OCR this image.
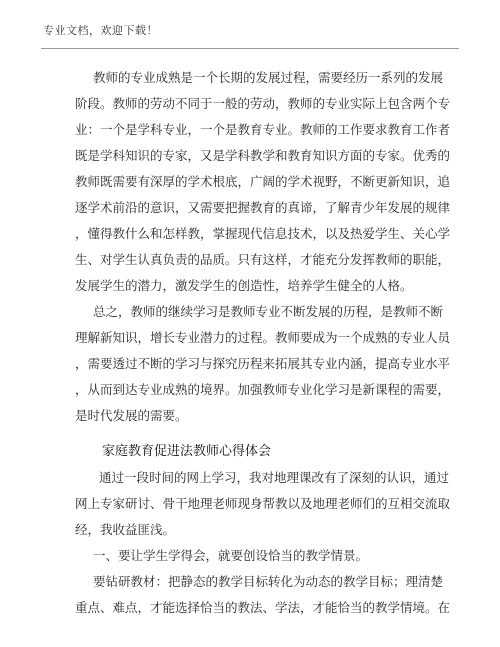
专业文档，欢迎下载！
教师的专业成熟是一个长期的发展过程，需要经历一系列的发展
阶段。教师的劳动不同于一般的劳动，教师的专业实际上包含两个专
业：一个是学科专业，一个是教育专业。教师的工作要求教育工作者
既是学科知识的专家，又是学科教学和教育知识方面的专家。优秀的
教师既需要有深厚的学术根底，广阔的学术视野，不断更新知识，追
逐学术前沿的意识，又需要把握教育的真谛，了解青少年发展的规律
，懂得教什么和怎样教，掌握现代信息技术，以及热爱学生、关心学
生、对学生认真负责的品质。只有这样，才能充分发挥教师的职能，
发展学生的潜力，激发学生的创造性，培养学生健全的人格。
总之，教师的继续学习是教师专业不断发展的历程，是教师不断
理解新知识，增长专业潜力的过程。教师要成为一个成熟的专业人员
，需要透过不断的学习与探究历程来拓展其专业内涵，提高专业水平
，从而到达专业成熟的境界。加强教师专业化学习是新课程的需要，
是时代发展的需要。
家庭教育促进法教师心得体会
通过一段时间的网上学习，我对地理课改有了深刻的认识，通过
网上专家研讨、骨干地理老师现身帮教以及地理老师们的互相交流取
经，我收益匪浅。
一、要让学生学得会，就要创设恰当的教学情景。
要钻研教材：把静态的教学目标转化为动态的教学目标；理清楚
重点、难点，才能选择恰当的教法、学法，才能恰当的教学情境。在
